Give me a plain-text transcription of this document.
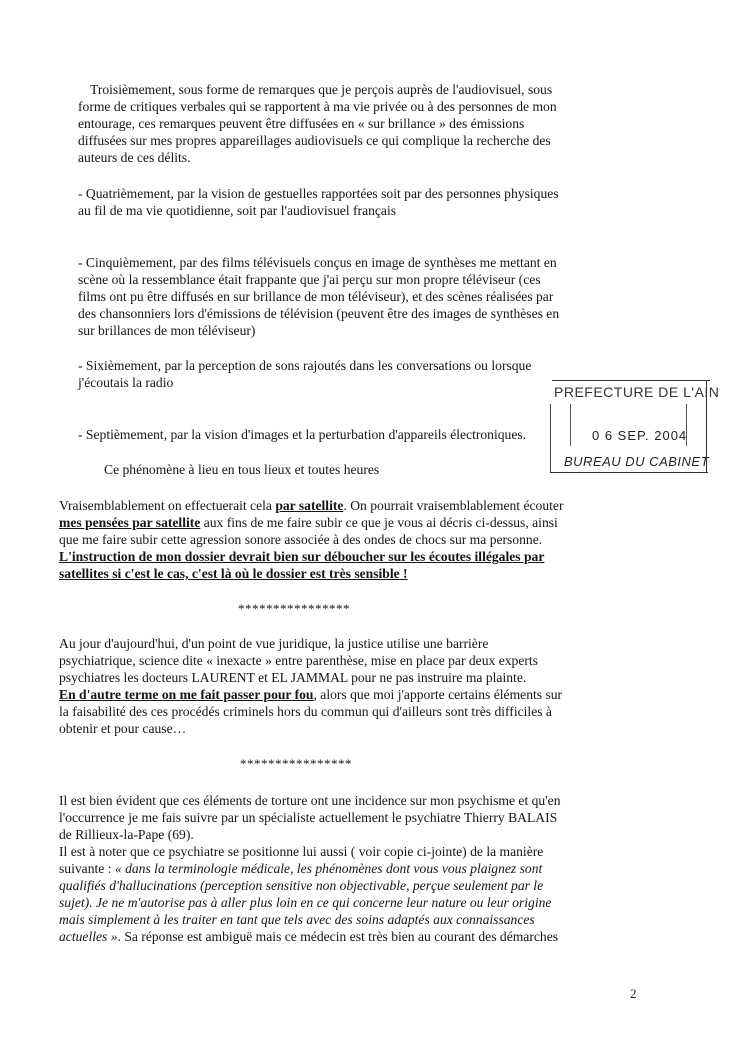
Troisièmement, sous forme de remarques que je perçois auprès de l'audiovisuel, sous
forme de critiques verbales qui se rapportent à ma vie privée ou à des personnes de mon
entourage, ces remarques peuvent être diffusées en « sur brillance » des émissions
diffusées sur mes propres appareillages audiovisuels ce qui complique la recherche des
auteurs de ces délits.
- Quatrièmement, par la vision de gestuelles rapportées soit par des personnes physiques
au fil de ma vie quotidienne, soit par l'audiovisuel français
- Cinquièmement, par des films télévisuels conçus en image de synthèses me mettant en
scène où la ressemblance était frappante que j'ai perçu sur mon propre téléviseur (ces
films ont pu être diffusés en sur brillance de mon téléviseur), et des scènes réalisées par
des chansonniers lors d'émissions de télévision (peuvent être des images de synthèses en
sur brillances de mon téléviseur)
- Sixièmement, par la perception de sons rajoutés dans les conversations ou lorsque
j'écoutais la radio
- Septièmement, par la vision d'images et la perturbation d'appareils électroniques.
Ce phénomène à lieu en tous lieux et toutes heures
Vraisemblablement on effectuerait cela par satellite. On pourrait vraisemblablement écouter
mes pensées par satellite aux fins de me faire subir ce que je vous ai décris ci-dessus, ainsi
que me faire subir cette agression sonore associée à des ondes de chocs sur ma personne.
L'instruction de mon dossier devrait bien sur déboucher sur les écoutes illégales par
satellites si c'est le cas, c'est là où le dossier est très sensible !
****************
Au jour d'aujourd'hui, d'un point de vue juridique, la justice utilise une barrière
psychiatrique, science dite « inexacte » entre parenthèse, mise en place par deux experts
psychiatres les docteurs LAURENT et EL JAMMAL pour ne pas instruire ma plainte.
En d'autre terme on me fait passer pour fou, alors que moi j'apporte certains éléments sur
la faisabilité des ces procédés criminels hors du commun qui d'ailleurs sont très difficiles à
obtenir et pour cause…
****************
Il est bien évident que ces éléments de torture ont une incidence sur mon psychisme et qu'en
l'occurrence je me fais suivre par un spécialiste actuellement le psychiatre Thierry BALAIS
de Rillieux-la-Pape (69).
Il est à noter que ce psychiatre se positionne lui aussi ( voir copie ci-jointe) de la manière
suivante : « dans la terminologie médicale, les phénomènes dont vous vous plaignez sont
qualifiés d'hallucinations (perception sensitive non objectivable, perçue seulement par le
sujet). Je ne m'autorise pas à aller plus loin en ce qui concerne leur nature ou leur origine
mais simplement à les traiter en tant que tels avec des soins adaptés aux connaissances
actuelles ». Sa réponse est ambiguë mais ce médecin est très bien au courant des démarches
PREFECTURE DE L'AIN
0 6 SEP. 2004
BUREAU DU CABINET
2
